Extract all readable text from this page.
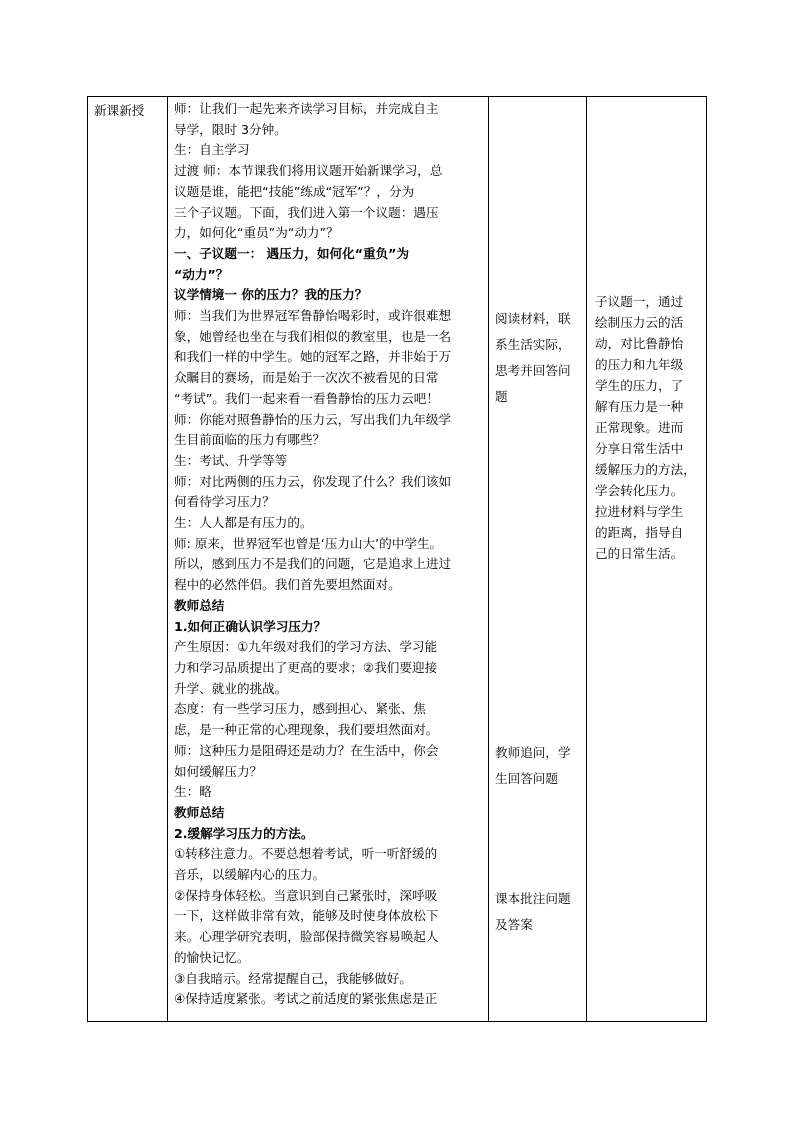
新课新授	师：让我们一起先来齐读学习目标，并完成自主
导学，限时 3分钟。
生：自主学习
过渡 师：本节课我们将用议题开始新课学习，总
议题是谁，能把“技能”练成“冠军”？，分为
三个子议题。下面，我们进入第一个议题：遇压
力，如何化“重员”为“动力”？
一、子议题一： 遇压力，如何化“重负”为
“动力”？
议学情境一 你的压力？我的压力？
师：当我们为世界冠军鲁静怡喝彩时，或许很难想
象，她曾经也坐在与我们相似的教室里，也是一名
和我们一样的中学生。她的冠军之路，并非始于万
众瞩目的赛场，而是始于一次次不被看见的日常
“考试”。我们一起来看一看鲁静怡的压力云吧！
师：你能对照鲁静怡的压力云，写出我们九年级学
生目前面临的压力有哪些？
生：考试、升学等等
师：对比两侧的压力云，你发现了什么？我们该如
何看待学习压力？
生：人人都是有压力的。
师: 原来，世界冠军也曾是‘压力山大’的中学生。
所以，感到压力不是我们的问题，它是追求上进过
程中的必然伴侣。我们首先要坦然面对。
教师总结
1.如何正确认识学习压力？
产生原因：①九年级对我们的学习方法、学习能
力和学习品质提出了更高的要求；②我们要迎接
升学、就业的挑战。
态度：有一些学习压力，感到担心、紧张、焦
虑，是一种正常的心理现象，我们要坦然面对。
师：这种压力是阻碍还是动力？在生活中，你会
如何缓解压力？
生：略
教师总结
2.缓解学习压力的方法。
①转移注意力。不要总想着考试，听一听舒缓的
音乐，以缓解内心的压力。
②保持身体轻松。当意识到自己紧张时，深呼吸
一下，这样做非常有效，能够及时使身体放松下
来。心理学研究表明，脸部保持微笑容易唤起人
的愉快记忆。
③自我暗示。经常提醒自己，我能够做好。
④保持适度紧张。考试之前适度的紧张焦虑是正
阅读材料，联
系生活实际，
思考并回答问
题
教师追问，学
生回答问题
课本批注问题
及答案
子议题一，通过
绘制压力云的活
动，对比鲁静怡
的压力和九年级
学生的压力，了
解有压力是一种
正常现象。进而
分享日常生活中
缓解压力的方法，
学会转化压力。
拉进材料与学生
的距离，指导自
己的日常生活。
